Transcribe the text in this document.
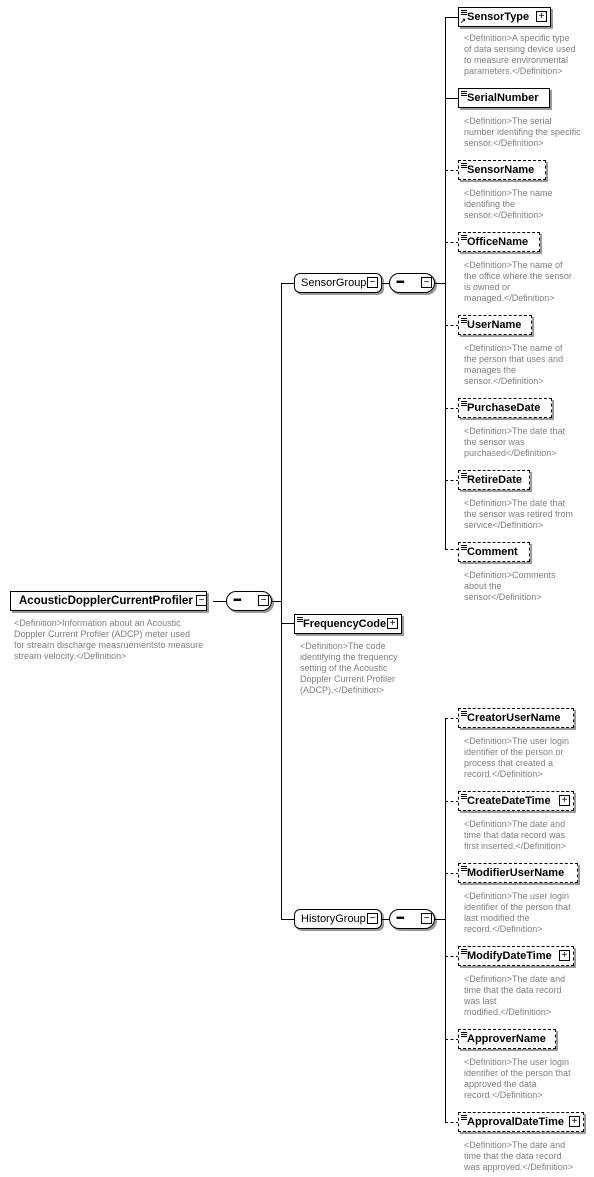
AcousticDopplerCurrentProfiler −
<Definition>Information about an Acoustic
Doppler Current Profiler (ADCP) meter used
for stream discharge measruementsto measure
stream velocity.</Definition>
▪▪▪ −
SensorGroup − ▪▪▪ −
↗ SensorType +
<Definition>A specific type
of data sensing device used
to measure environmental
parameters.</Definition>
SerialNumber
<Definition>The serial
number identifing the specific
sensor.</Definition>
SensorName
<Definition>The name
identifing the
sensor.</Definition>
OfficeName
<Definition>The name of
the office where the sensor
is owned or
managed.</Definition>
UserName
<Definition>The name of
the person that uses and
manages the
sensor.</Definition>
PurchaseDate
<Definition>The date that
the sensor was
purchased</Definition>
RetireDate
<Definition>The date that
the sensor was retired from
service</Definition>
Comment
<Definition>Comments
about the
sensor</Definition>
FrequencyCode +
<Definition>The code
identifying the frequency
setting of the Acoustic
Doppler Current Profiler
(ADCP).</Definition>
HistoryGroup − ▪▪▪ −
CreatorUserName
<Definition>The user login
identifier of the person or
process that created a
record.</Definition>
CreateDateTime +
<Definition>The date and
time that data record was
first inserted.</Definition>
ModifierUserName
<Definition>The user login
identifier of the person that
last modified the
record.</Definition>
ModifyDateTime +
<Definition>The date and
time that the data record
was last
modified.</Definition>
ApproverName
<Definition>The user login
identifier of the person that
approved the data
record.</Definition>
ApprovalDateTime +
<Definition>The date and
time that the data record
was approved.</Definition>
